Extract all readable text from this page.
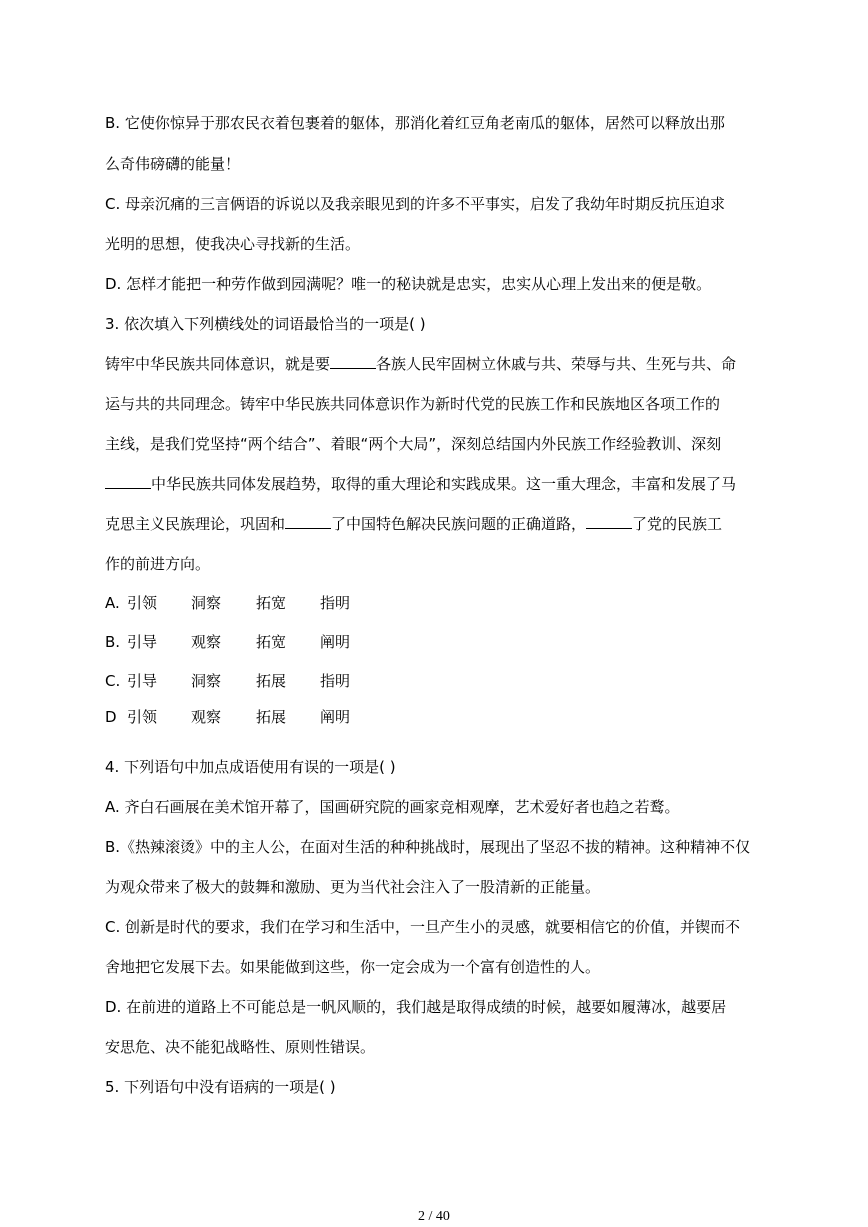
B. 它使你惊异于那农民衣着包裹着的躯体，那消化着红豆角老南瓜的躯体，居然可以释放出那
么奇伟磅礴的能量！
C. 母亲沉痛的三言俩语的诉说以及我亲眼见到的许多不平事实，启发了我幼年时期反抗压迫求
光明的思想，使我决心寻找新的生活。
D. 怎样才能把一种劳作做到园满呢？唯一的秘诀就是忠实，忠实从心理上发出来的便是敬。
3. 依次填入下列横线处的词语最恰当的一项是( )
铸牢中华民族共同体意识，就是要	各族人民牢固树立休戚与共、荣辱与共、生死与共、命
运与共的共同理念。铸牢中华民族共同体意识作为新时代党的民族工作和民族地区各项工作的
主线，是我们党坚持“两个结合”、着眼“两个大局”，深刻总结国内外民族工作经验教训、深刻
中华民族共同体发展趋势，取得的重大理论和实践成果。这一重大理念，丰富和发展了马
克思主义民族理论，巩固和	了中国特色解决民族问题的正确道路，	了党的民族工
作的前进方向。
A. 引领 洞察 拓宽 指明
B. 引导 观察 拓宽 阐明
C. 引导 洞察 拓展 指明
D 引领 观察 拓展 阐明
4. 下列语句中加点成语使用有误的一项是( )
A. 齐白石画展在美术馆开幕了，国画研究院的画家竞相观摩，艺术爱好者也趋之若鹜。
B.《热辣滚烫》中的主人公，在面对生活的种种挑战时，展现出了坚忍不拔的精神。这种精神不仅
为观众带来了极大的鼓舞和激励、更为当代社会注入了一股清新的正能量。
C. 创新是时代的要求，我们在学习和生活中，一旦产生小的灵感，就要相信它的价值，并锲而不
舍地把它发展下去。如果能做到这些，你一定会成为一个富有创造性的人。
D. 在前进的道路上不可能总是一帆风顺的，我们越是取得成绩的时候，越要如履薄冰，越要居
安思危、决不能犯战略性、原则性错误。
5. 下列语句中没有语病的一项是( )
2 / 40
